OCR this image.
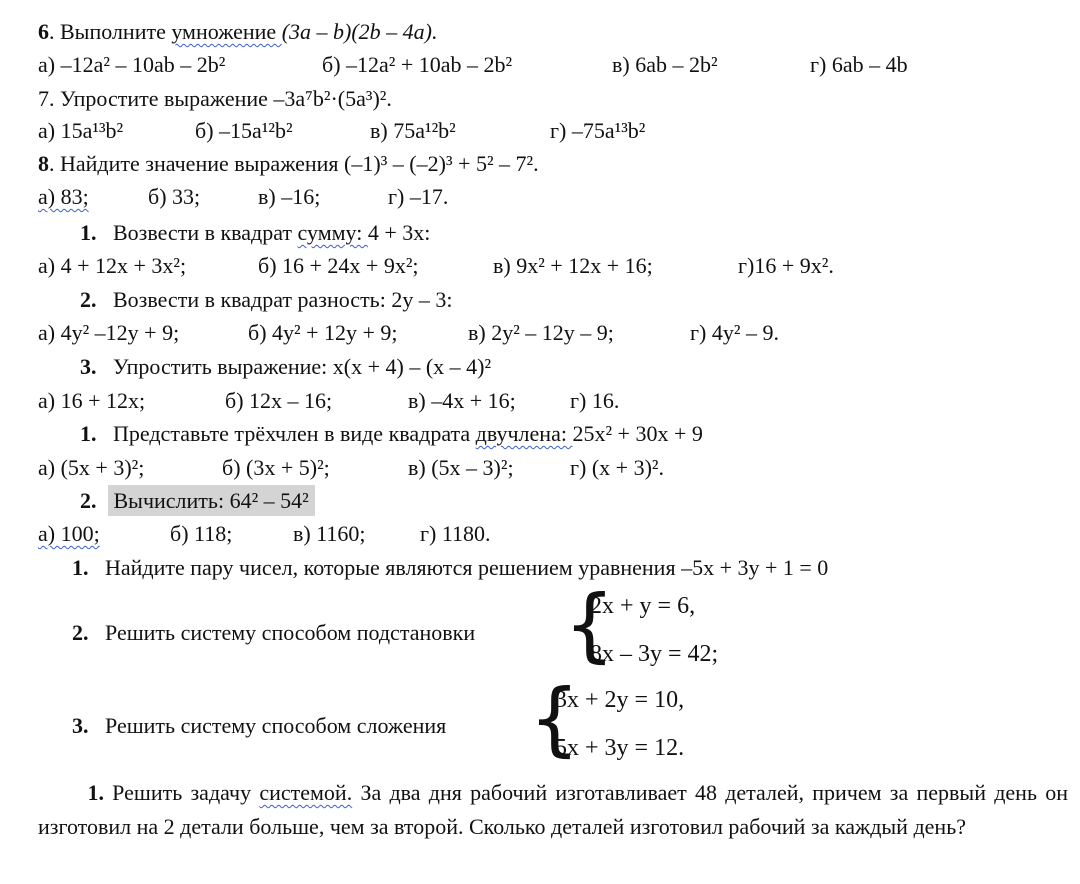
6. Выполните умножение (3a – b)(2b – 4a).
а) –12a² – 10ab – 2b²	б) –12a² + 10ab – 2b²	в) 6ab – 2b²	г) 6ab – 4b
7. Упростите выражение –3a⁷b²·(5a³)².
а) 15a¹³b²	б) –15a¹²b²	в) 75a¹²b²	г) –75a¹³b²
8. Найдите значение выражения (–1)³ – (–2)³ + 5² – 7².
а) 83;	б) 33;	в) –16;	г) –17.
1. Возвести в квадрат сумму: 4 + 3x:
а) 4 + 12x + 3x²;	б) 16 + 24x + 9x²;	в) 9x² + 12x + 16;	г)16 + 9x².
2. Возвести в квадрат разность: 2y – 3:
а) 4y² –12y + 9;	б) 4y² + 12y + 9;	в) 2y² – 12y – 9;	г) 4y² – 9.
3. Упростить выражение: x(x + 4) – (x – 4)²
а) 16 + 12x;	б) 12x – 16;	в) –4x + 16; г) 16.
1. Представьте трёхчлен в виде квадрата двучлена: 25x² + 30x + 9
а) (5x + 3)²;	б) (3x + 5)²;	в) (5x – 3)²;	г) (x + 3)².
2. Вычислить: 64² – 54²
а) 100;	б) 118;	в) 1160; г) 1180.
1. Найдите пару чисел, которые являются решением уравнения –5x + 3y + 1 = 0
2. Решить систему способом подстановки {
2x + y = 6,
8x – 3y = 42;
3. Решить систему способом сложения {
3x + 2y = 10,
5x + 3y = 12.
1. Решить задачу системой. За два дня рабочий изготавливает 48 деталей, причем за первый день он изготовил на 2 детали больше, чем за второй. Сколько деталей изготовил рабочий за каждый день?
